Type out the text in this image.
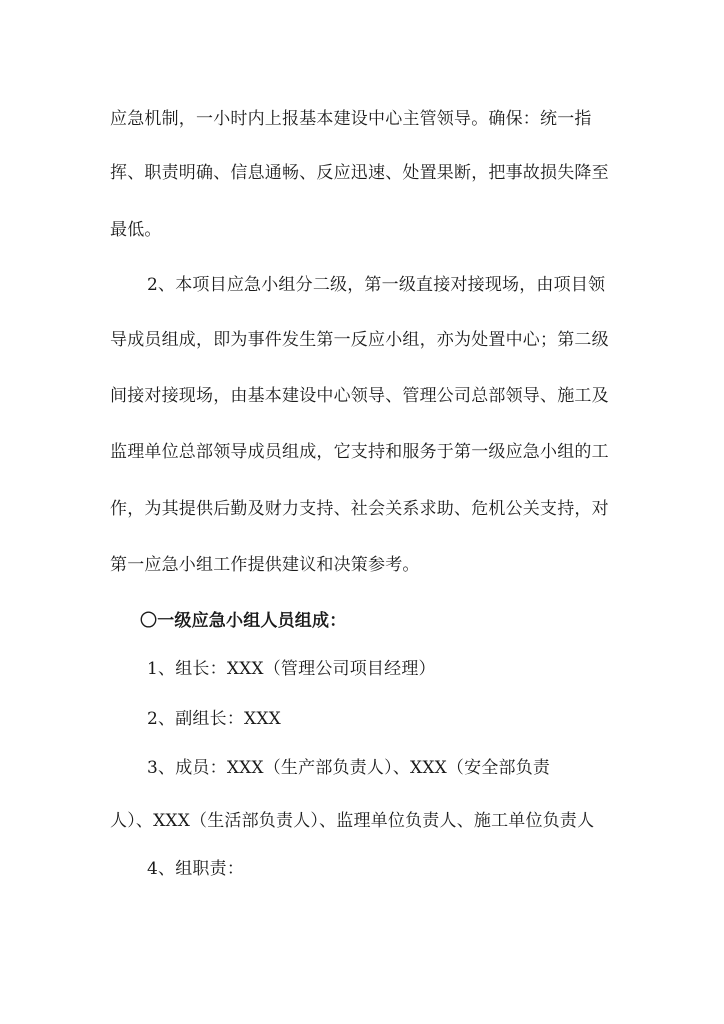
应急机制，一小时内上报基本建设中心主管领导。确保：统一指
挥、职责明确、信息通畅、反应迅速、处置果断，把事故损失降至
最低。
2、本项目应急小组分二级，第一级直接对接现场，由项目领
导成员组成，即为事件发生第一反应小组，亦为处置中心；第二级
间接对接现场，由基本建设中心领导、管理公司总部领导、施工及
监理单位总部领导成员组成，它支持和服务于第一级应急小组的工
作，为其提供后勤及财力支持、社会关系求助、危机公关支持，对
第一应急小组工作提供建议和决策参考。
〇一级应急小组人员组成：
1、组长：XXX（管理公司项目经理）
2、副组长：XXX
3、成员：XXX（生产部负责人）、XXX（安全部负责
人）、XXX（生活部负责人）、监理单位负责人、施工单位负责人
4、组职责：
